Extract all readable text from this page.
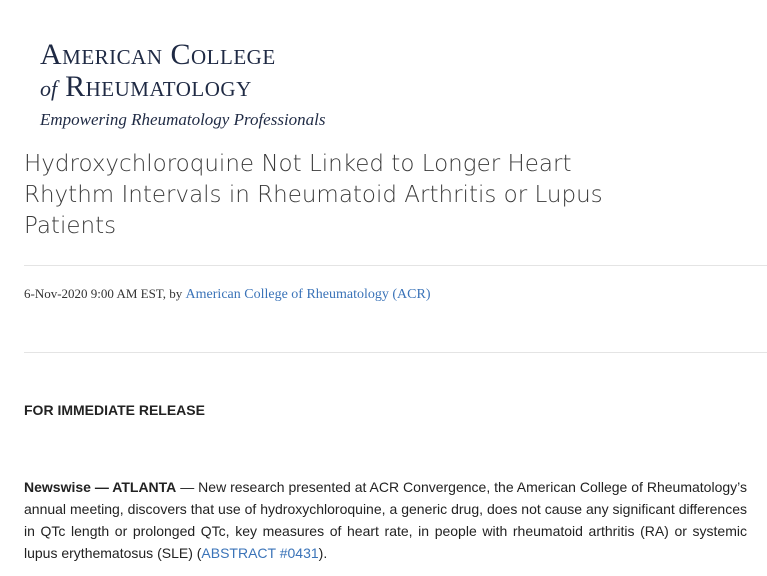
American College
of Rheumatology
Empowering Rheumatology Professionals
Hydroxychloroquine Not Linked to Longer Heart Rhythm Intervals in Rheumatoid Arthritis or Lupus Patients
6-Nov-2020 9:00 AM EST, by American College of Rheumatology (ACR)
FOR IMMEDIATE RELEASE

Newswise — ATLANTA — New research presented at ACR Convergence, the American College of Rheumatology’s annual meeting, discovers that use of hydroxychloroquine, a generic drug, does not cause any significant differences in QTc length or prolonged QTc, key measures of heart rate, in people with rheumatoid arthritis (RA) or systemic lupus erythematosus (SLE) (ABSTRACT #0431).
